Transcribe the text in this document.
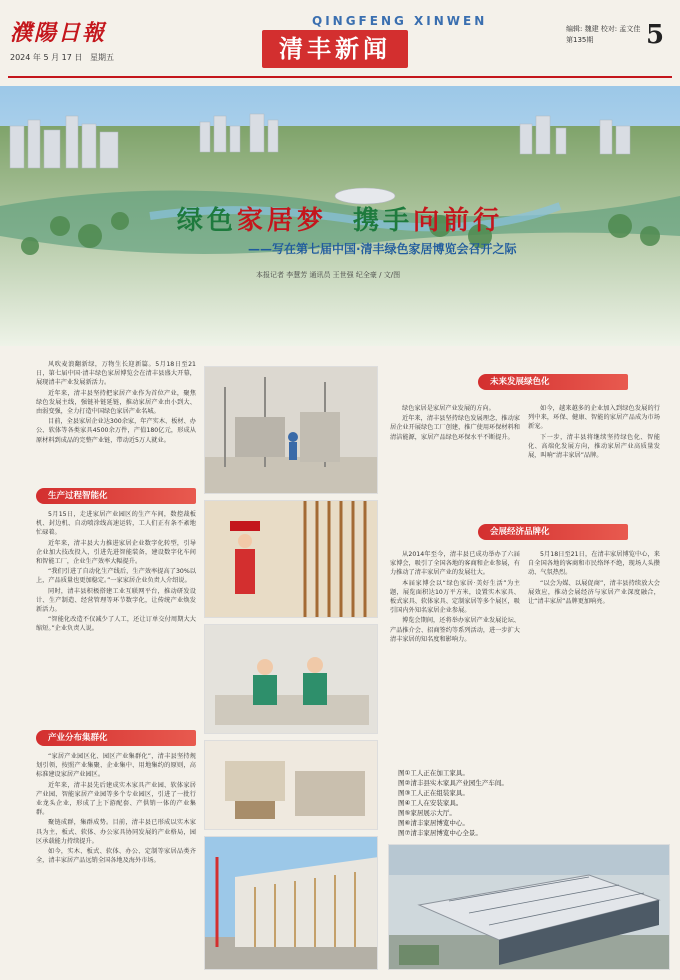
濮陽日報
2024 年 5 月 17 日 星期五
QINGFENG XINWEN
清丰新闻
编辑: 魏建 校对: 孟文佳
第135期	5
绿色家居梦 携手向前行
——写在第七届中国·清丰绿色家居博览会召开之际
本报记者 李慧芳 通讯员 王世强 纪全豪 / 文/图

风吹麦浪翻新绿，万物生长迎新篇。5月18日至21日，第七届中国·清丰绿色家居博览会在清丰县盛大开幕，展现清丰产业发展新活力。

近年来，清丰县坚持把家居产业作为首位产业，聚焦绿色发展主线，强链补链延链，推动家居产业由小到大、由弱变强，全力打造中国绿色家居产业名城。

目前，全县家居企业达300余家，年产实木、板材、办公、软体等各类家具4500余万件，产值180亿元，形成从原材料到成品的完整产业链，带动近5万人就业。

生产过程智能化

5月15日，走进家居产业园区的生产车间，数控裁板机、封边机、自动喷涂线高速运转，工人们正有条不紊地忙碌着。

近年来，清丰县大力推进家居企业数字化转型，引导企业加大技改投入，引进先进智能装备，建设数字化车间和智能工厂，企业生产效率大幅提升。

“我们引进了自动化生产线后，生产效率提高了30%以上，产品质量也更加稳定。”一家家居企业负责人介绍说。

同时，清丰县积极搭建工业互联网平台，推动研发设计、生产制造、经营管理等环节数字化，让传统产业焕发新活力。

“智能化改造不仅减少了人工，还让订单交付周期大大缩短。”企业负责人说。

产业分布集群化

“家居产业园区化、园区产业集群化”，清丰县坚持规划引领，按照产业集聚、企业集中、用地集约的原则，高标准建设家居产业园区。

近年来，清丰县先后建成实木家具产业园、软体家居产业园、智能家居产业园等多个专业园区，引进了一批行业龙头企业，形成了上下游配套、产供销一体的产业集群。

聚链成群，集群成势。目前，清丰县已形成以实木家具为主，板式、软体、办公家具协同发展的产业格局，园区承载能力持续提升。

如今，实木、板式、软体、办公、定制等家居品类齐全，清丰家居产品远销全国各地及海外市场。

未来发展绿色化

绿色家居是家居产业发展的方向。

近年来，清丰县坚持绿色发展理念，推动家居企业开展绿色工厂创建，推广使用环保材料和清洁能源，家居产品绿色环保水平不断提升。

如今，越来越多的企业加入到绿色发展的行列中来，环保、健康、智能的家居产品成为市场新宠。

下一步，清丰县将继续坚持绿色化、智能化、高端化发展方向，推动家居产业高质量发展，叫响“清丰家居”品牌。

会展经济品牌化

从2014年至今，清丰县已成功举办了六届家博会，吸引了全国各地的客商和企业参展，有力推动了清丰家居产业的发展壮大。

本届家博会以“绿色家居·美好生活”为主题，展览面积达10万平方米，设置实木家具、板式家具、软体家具、定制家居等多个展区，吸引国内外知名家居企业参展。

博览会期间，还将举办家居产业发展论坛、产品推介会、招商签约等系列活动，进一步扩大清丰家居的知名度和影响力。

5月18日至21日，在清丰家居博览中心，来自全国各地的客商和市民络绎不绝，现场人头攒动、气氛热烈。

“以会为媒、以展促商”，清丰县持续放大会展效应，推动会展经济与家居产业深度融合，让“清丰家居”品牌更加响亮。

图①工人正在加工家具。
图②清丰县实木家具产业园生产车间。
图③工人正在组装家具。
图④工人在安装家具。
图⑤家居展示大厅。
图⑥清丰家居博览中心。
图⑦清丰家居博览中心全景。
